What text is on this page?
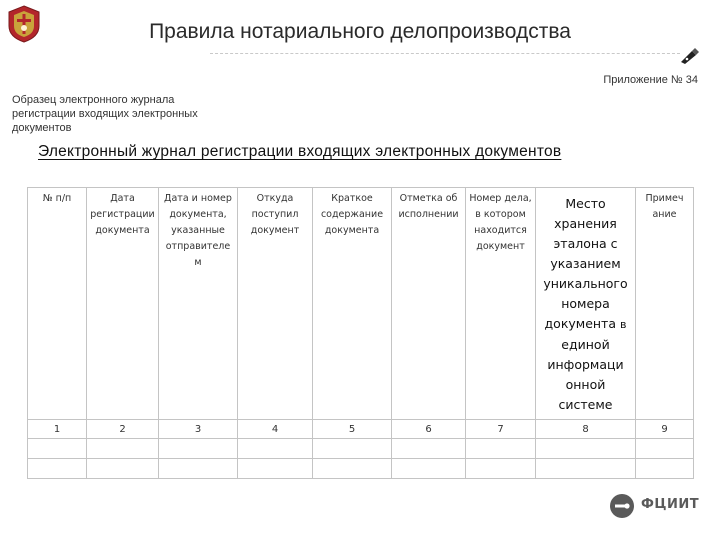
Правила нотариального делопроизводства
Приложение № 34
Образец электронного журнала регистрации входящих электронных документов
Электронный журнал регистрации входящих электронных документов
№ п/п	Дата регистрации документа	Дата и номер документа, указанные отправителе м	Откуда поступил документ	Краткое содержание документа	Отметка об исполнении	Номер дела, в котором находится документ	Место хранения эталона с указанием уникального номера документа в единой информаци онной системе	Примеч ание
1	2	3	4	5	6	7	8	9

ФЦИИТ
